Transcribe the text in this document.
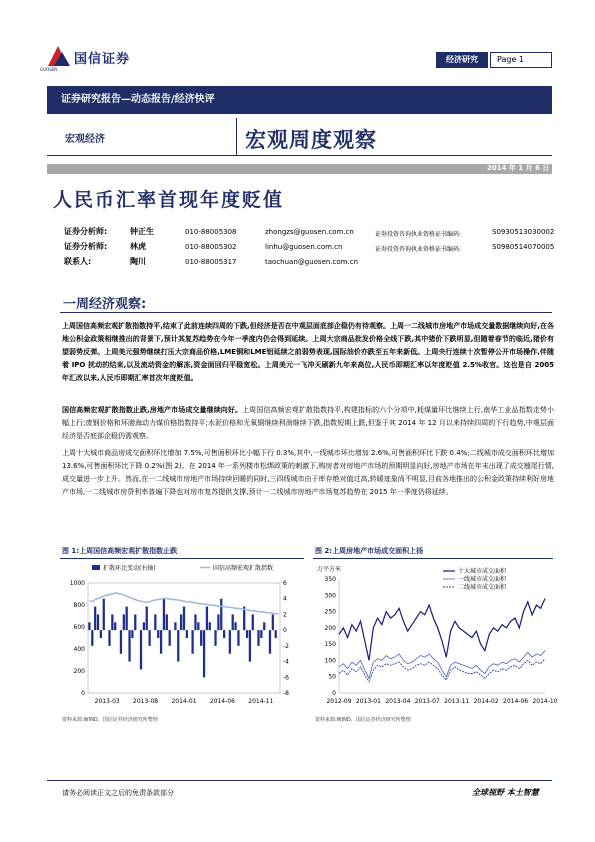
国信证券
GUOSEN
经济研究	Page 1
证券研究报告—动态报告/经济快评
宏观经济	宏观周度观察
2014 年 1 月 6 日
人民币汇率首现年度贬值
证券分析师:	钟正生	010-88005308	zhongzs@guosen.com.cn	证券投资咨询执业资格证书编码:	S0930513030002
证券分析师:	林虎	010-88005302	linhu@guosen.com.cn	证券投资咨询执业资格证书编码:	S0980514070005
联系人:	陶川	010-88005317	taochuan@guosen.com.cn
一周经济观察:
上周国信高频宏观扩散指数持平,结束了此前连续四周的下跌,但经济是否在中观层面底部企稳仍有待观察。上周一二线城市房地产市场成交量数据继续向好,在各地公积金政策相继推出的背景下,预计其复苏趋势在今年一季度内仍会得到延续。上周大宗商品批发价格全线下跌,其中猪价下跌明显,但随着春节的临近,猪价有望弱势反弹。上周美元强势继续打压大宗商品价格,LME铜和LME铝延续之前弱势表现,国际油价亦跌至五年来新低。上周央行连续十次暂停公开市场操作,伴随着 IPO 扰动的结束,以及流动资金的解冻,资金面回归平稳宽松。上周美元一飞冲天刷新九年来高位,人民币即期汇率以年度贬值 2.5%收官。这也是自 2005 年汇改以来,人民币即期汇率首次年度贬值。
国信高频宏观扩散指数止跌,房地产市场成交量继续向好。上周国信高频宏观扩散指数持平,构建指标的六个分项中,耗煤量环比继续上行,南华工业品指数走势小幅上行;废钢价格和环渤海动力煤价格指数持平;水泥价格和无氧铜继续利润继续下跌,指数短期上跌,但鉴于其 2014 年 12 月以来持续四周的下行趋势,中观层面经济是否底部企稳仍需观察。
上周十大城市商品房成交面积环比增加 7.5%,可售面积环比小幅下行 0.3%,其中,一线城市环比增加 2.6%,可售面积环比下跌 0.4%;二线城市成交面积环比增加 13.6%,可售面积环比下降 0.2%(图 2)。在 2014 年一系列楼市松绑政策的刺激下,购房者对房地产市场的预期明显向好,房地产市场在年末出现了成交翘尾行情,成交量进一步上升。然而,在一二线城市房地产市场持续回暖的同时,三四线城市由于库存绝对值过高,转暖迹象尚不明显,目前各地推出的公积金政策持续利好房地产市场,一二线城市房贷利率普遍下降也对房市复苏提供支撑,预计一二线城市房地产市场复苏趋势在 2015 年一季度仍将延续。
图 1:上周国信高频宏观扩散指数止跌
0
200
400
600
800
1000
-8
-6
-4
-2
0
2
4
6
2013-03 2013-08 2014-01 2014-06 2014-11
扩散环比变动(右轴)	国信高频宏观扩散指数
资料来源:WIND、国信证券经济研究所整理
图 2:上周房地产市场成交面积上扬
万平方米
0
50
100
150
200
250
300
350
2012-09 2013-01 2013-04 2013-07 2013-11 2014-02 2014-06 2014-10
十大城市成交面积
一线城市成交面积
二线城市成交面积
资料来源:WIND、国信证券经济研究所整理
请务必阅读正文之后的免责条款部分	全球视野 本土智慧
